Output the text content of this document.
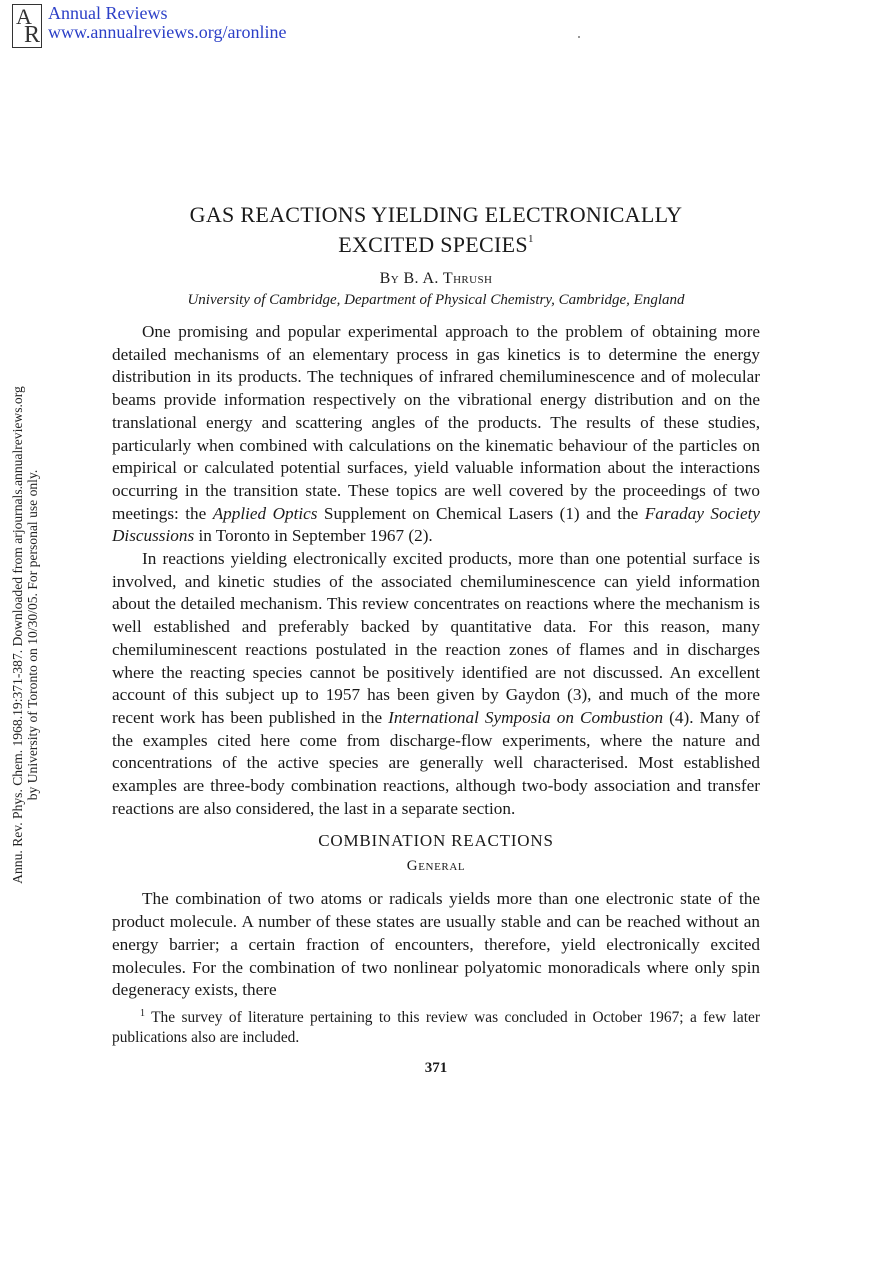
A
R
Annual Reviews
www.annualreviews.org/aronline
Annu. Rev. Phys. Chem. 1968.19:371-387. Downloaded from arjournals.annualreviews.org by University of Toronto on 10/30/05. For personal use only.
GAS REACTIONS YIELDING ELECTRONICALLY
EXCITED SPECIES$^1$
By B. A. Thrush
University of Cambridge, Department of Physical Chemistry, Cambridge, England

One promising and popular experimental approach to the problem of obtaining more detailed mechanisms of an elementary process in gas kinetics is to determine the energy distribution in its products. The techniques of infrared chemiluminescence and of molecular beams provide information respectively on the vibrational energy distribution and on the translational energy and scattering angles of the products. The results of these studies, particularly when combined with calculations on the kinematic behaviour of the particles on empirical or calculated potential surfaces, yield valuable information about the interactions occurring in the transition state. These topics are well covered by the proceedings of two meetings: the Applied Optics Supplement on Chemical Lasers (1) and the Faraday Society Discussions in Toronto in September 1967 (2).

In reactions yielding electronically excited products, more than one potential surface is involved, and kinetic studies of the associated chemiluminescence can yield information about the detailed mechanism. This review concentrates on reactions where the mechanism is well established and preferably backed by quantitative data. For this reason, many chemiluminescent reactions postulated in the reaction zones of flames and in discharges where the reacting species cannot be positively identified are not discussed. An excellent account of this subject up to 1957 has been given by Gaydon (3), and much of the more recent work has been published in the International Symposia on Combustion (4). Many of the examples cited here come from discharge-flow experiments, where the nature and concentrations of the active species are generally well characterised. Most established examples are three-body combination reactions, although two-body association and transfer reactions are also considered, the last in a separate section.

COMBINATION REACTIONS
General

The combination of two atoms or radicals yields more than one electronic state of the product molecule. A number of these states are usually stable and can be reached without an energy barrier; a certain fraction of encounters, therefore, yield electronically excited molecules. For the combination of two nonlinear polyatomic monoradicals where only spin degeneracy exists, there

$^1$ The survey of literature pertaining to this review was concluded in October 1967; a few later publications also are included.
371
